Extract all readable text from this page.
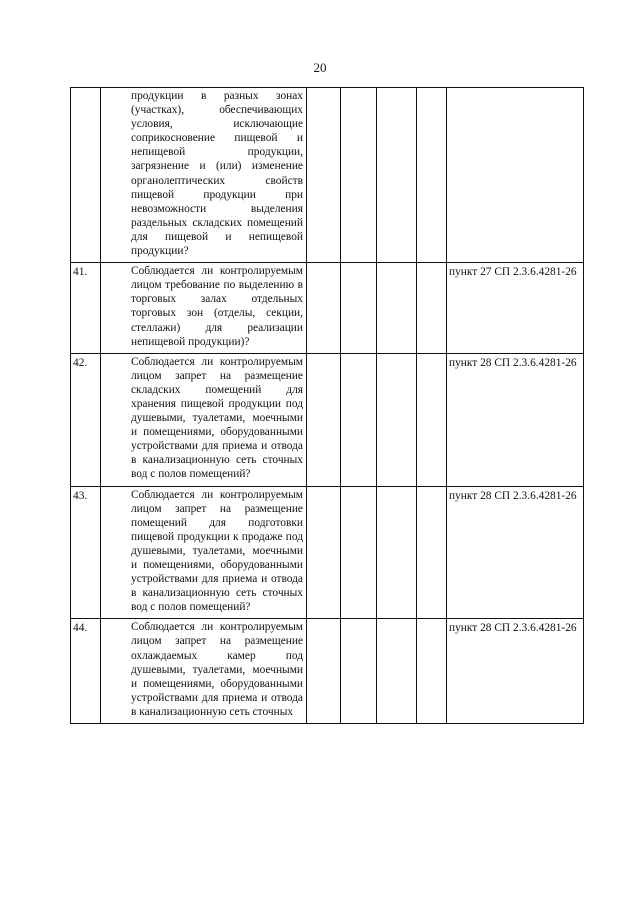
20
	продукции в разных зонах (участках), обеспечивающих условия, исключающие соприкосновение пищевой и непищевой продукции, загрязнение и (или) изменение органолептических свойств пищевой продукции при невозможности выделения раздельных складских помещений для пищевой и непищевой продукции?					
41.	Соблюдается ли контролируемым лицом требование по выделению в торговых залах отдельных торговых зон (отделы, секции, стеллажи) для реализации непищевой продукции)?					пункт 27 СП 2.3.6.4281-26
42.	Соблюдается ли контролируемым лицом запрет на размещение складских помещений для хранения пищевой продукции под душевыми, туалетами, моечными и помещениями, оборудованными устройствами для приема и отвода в канализационную сеть сточных вод с полов помещений?					пункт 28 СП 2.3.6.4281-26
43.	Соблюдается ли контролируемым лицом запрет на размещение помещений для подготовки пищевой продукции к продаже под душевыми, туалетами, моечными и помещениями, оборудованными устройствами для приема и отвода в канализационную сеть сточных вод с полов помещений?					пункт 28 СП 2.3.6.4281-26
44.	Соблюдается ли контролируемым лицом запрет на размещение охлаждаемых камер под душевыми, туалетами, моечными и помещениями, оборудованными устройствами для приема и отвода в канализационную сеть сточных					пункт 28 СП 2.3.6.4281-26
